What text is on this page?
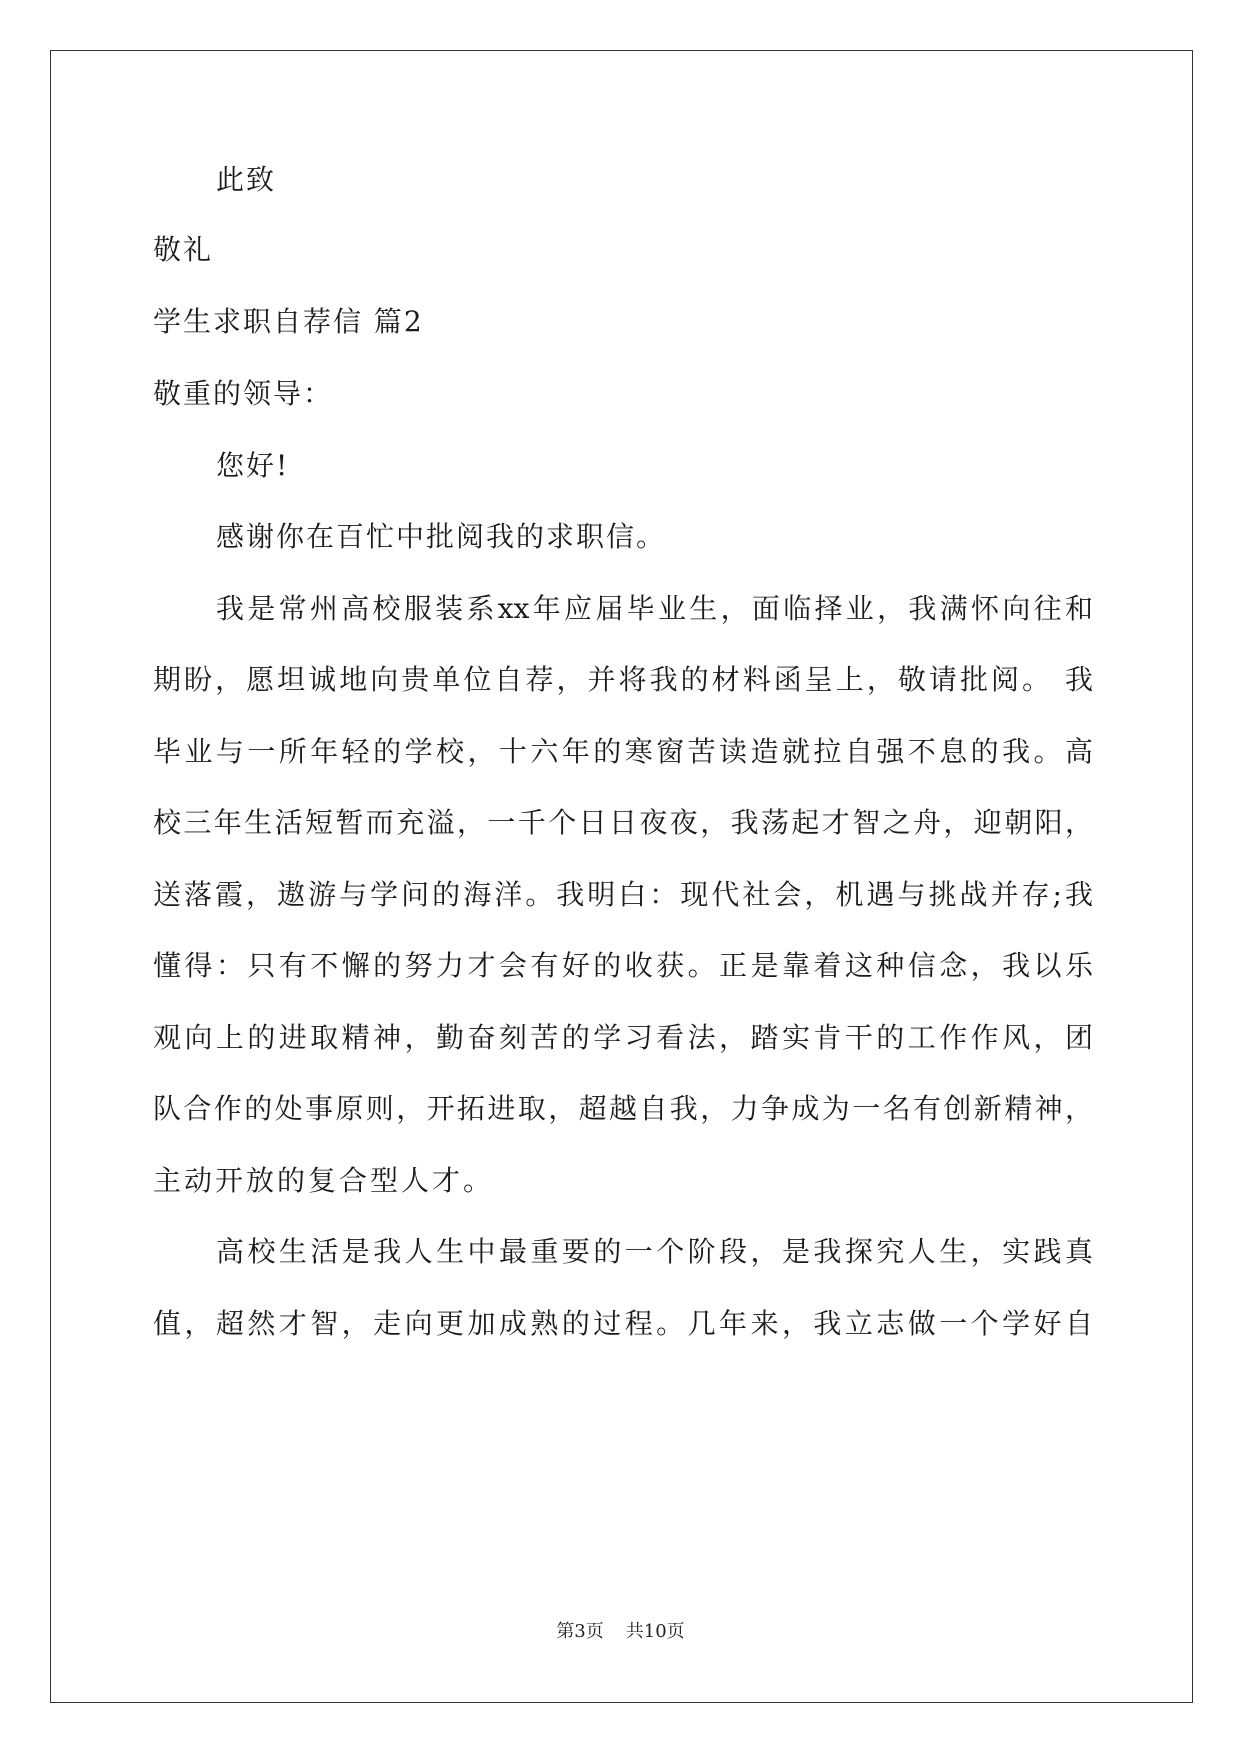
此致
敬礼
学生求职自荐信 篇2
敬重的领导：
您好!
感谢你在百忙中批阅我的求职信。
我是常州高校服装系xx年应届毕业生，面临择业，我满怀向往和
期盼，愿坦诚地向贵单位自荐，并将我的材料函呈上，敬请批阅。 我
毕业与一所年轻的学校，十六年的寒窗苦读造就拉自强不息的我。高
校三年生活短暂而充溢，一千个日日夜夜，我荡起才智之舟，迎朝阳，
送落霞，遨游与学问的海洋。我明白：现代社会，机遇与挑战并存;我
懂得：只有不懈的努力才会有好的收获。正是靠着这种信念，我以乐
观向上的进取精神，勤奋刻苦的学习看法，踏实肯干的工作作风，团
队合作的处事原则，开拓进取，超越自我，力争成为一名有创新精神，
主动开放的复合型人才。
高校生活是我人生中最重要的一个阶段，是我探究人生，实践真
值，超然才智，走向更加成熟的过程。几年来，我立志做一个学好自
第3页 共10页
